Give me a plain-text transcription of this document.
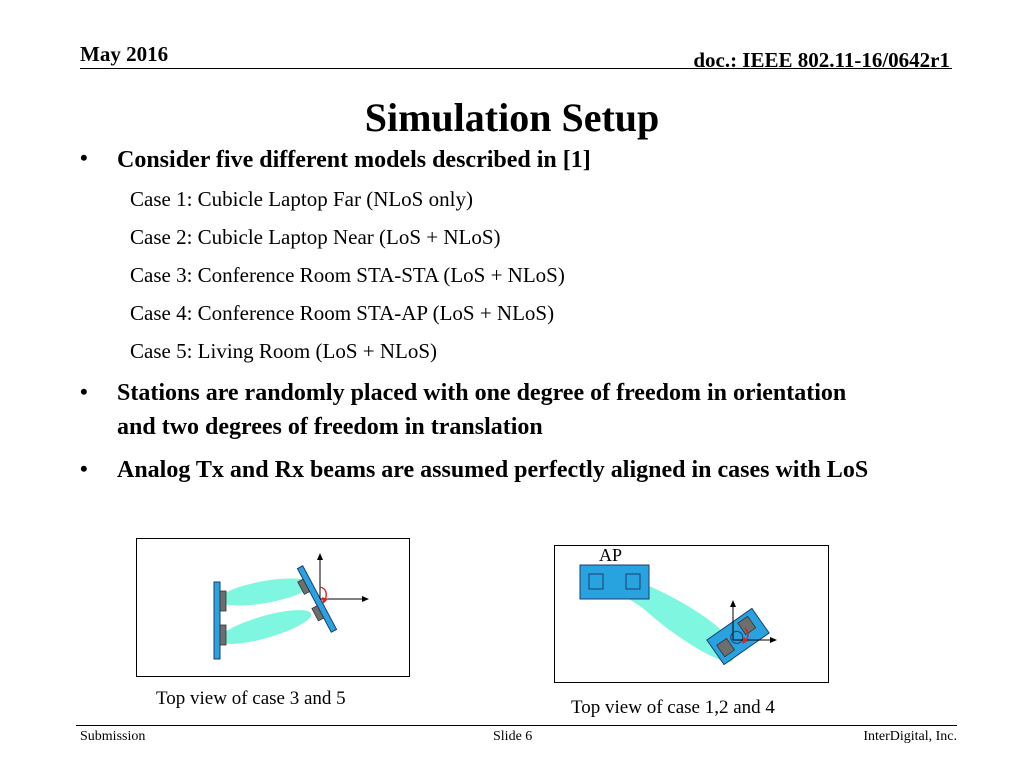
May 2016	doc.: IEEE 802.11-16/0642r1
Simulation Setup
• Consider five different models described in [1]
Case 1: Cubicle Laptop Far (NLoS only)
Case 2: Cubicle Laptop Near (LoS + NLoS)
Case 3: Conference Room STA-STA (LoS + NLoS)
Case 4: Conference Room STA-AP (LoS + NLoS)
Case 5: Living Room (LoS + NLoS)
• Stations are randomly placed with one degree of freedom in orientation and two degrees of freedom in translation
• Analog Tx and Rx beams are assumed perfectly aligned in cases with LoS
Top view of case 3 and 5
AP
Top view of case 1,2 and 4
Submission	Slide 6	InterDigital, Inc.
